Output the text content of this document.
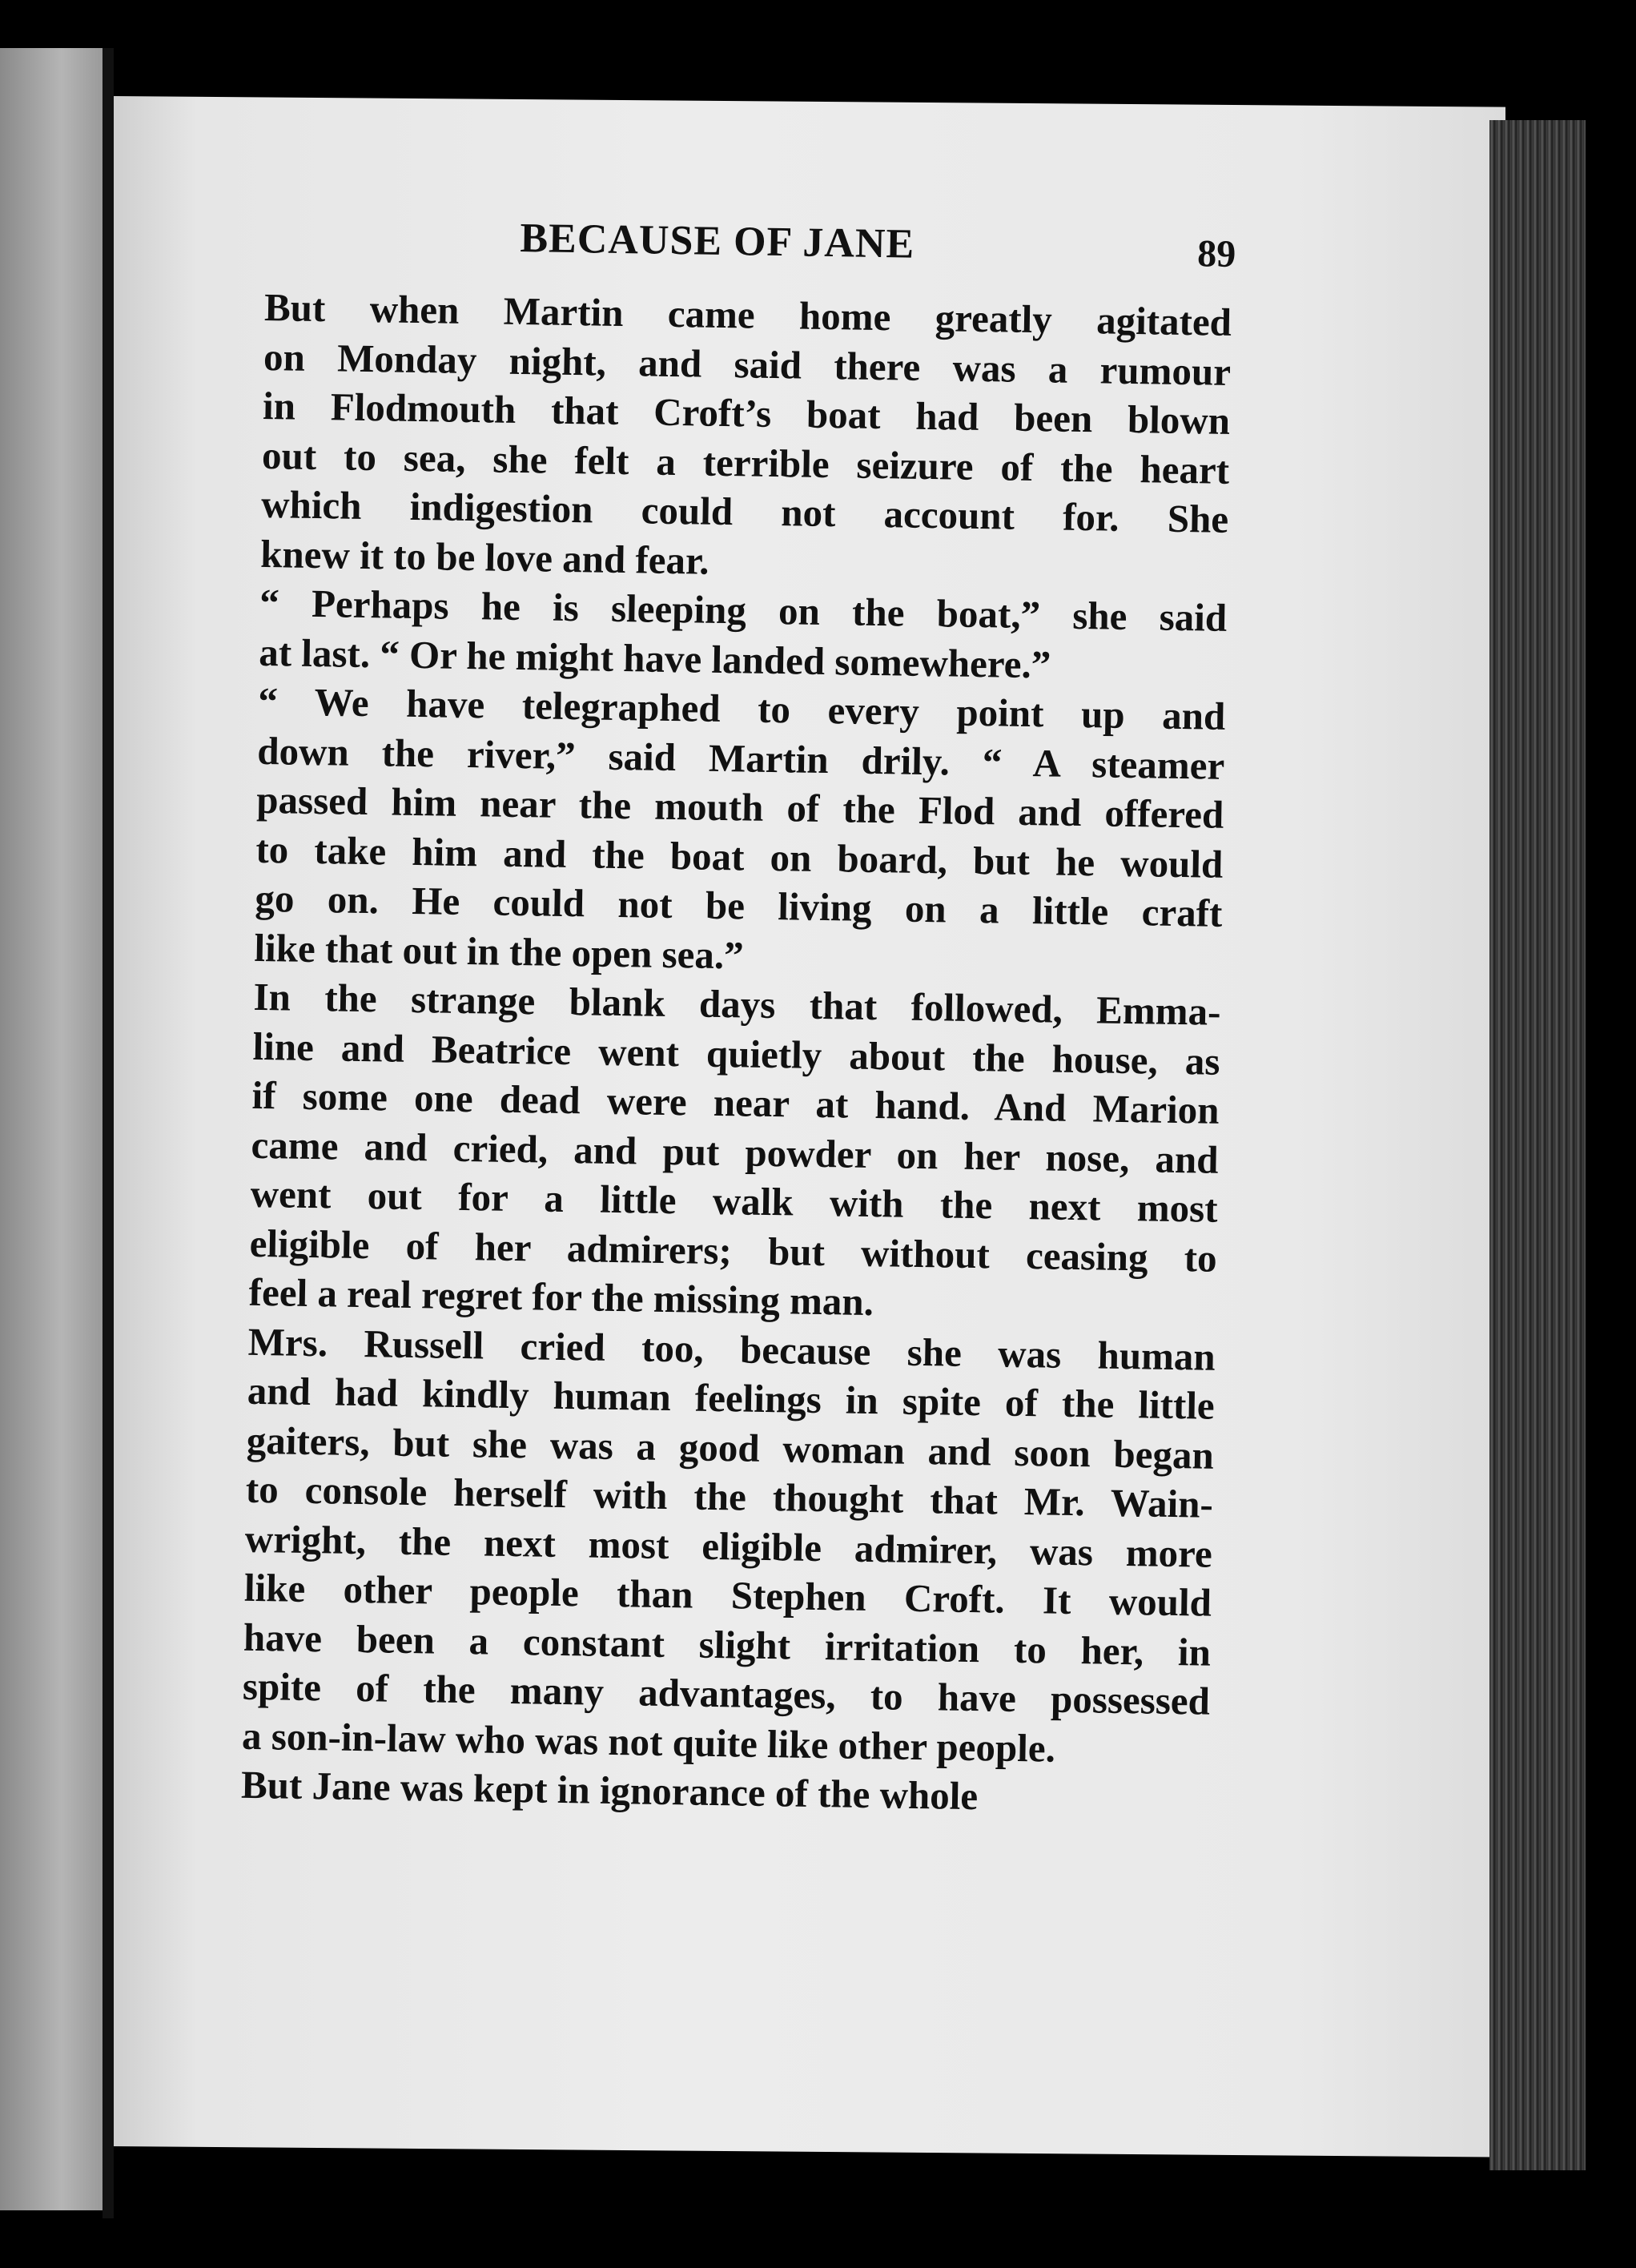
BECAUSE OF JANE	89

But when Martin came home greatly agitated
on Monday night, and said there was a rumour
in Flodmouth that Croft’s boat had been blown
out to sea, she felt a terrible seizure of the heart
which indigestion could not account for. She
knew it to be love and fear.

“ Perhaps he is sleeping on the boat,” she said
at last. “ Or he might have landed somewhere.”

“ We have telegraphed to every point up and
down the river,” said Martin drily. “ A steamer
passed him near the mouth of the Flod and offered
to take him and the boat on board, but he would
go on. He could not be living on a little craft
like that out in the open sea.”

In the strange blank days that followed, Emma-
line and Beatrice went quietly about the house, as
if some one dead were near at hand. And Marion
came and cried, and put powder on her nose, and
went out for a little walk with the next most
eligible of her admirers; but without ceasing to
feel a real regret for the missing man.

Mrs. Russell cried too, because she was human
and had kindly human feelings in spite of the little
gaiters, but she was a good woman and soon began
to console herself with the thought that Mr. Wain-
wright, the next most eligible admirer, was more
like other people than Stephen Croft. It would
have been a constant slight irritation to her, in
spite of the many advantages, to have possessed
a son-in-law who was not quite like other people.

But Jane was kept in ignorance of the whole
